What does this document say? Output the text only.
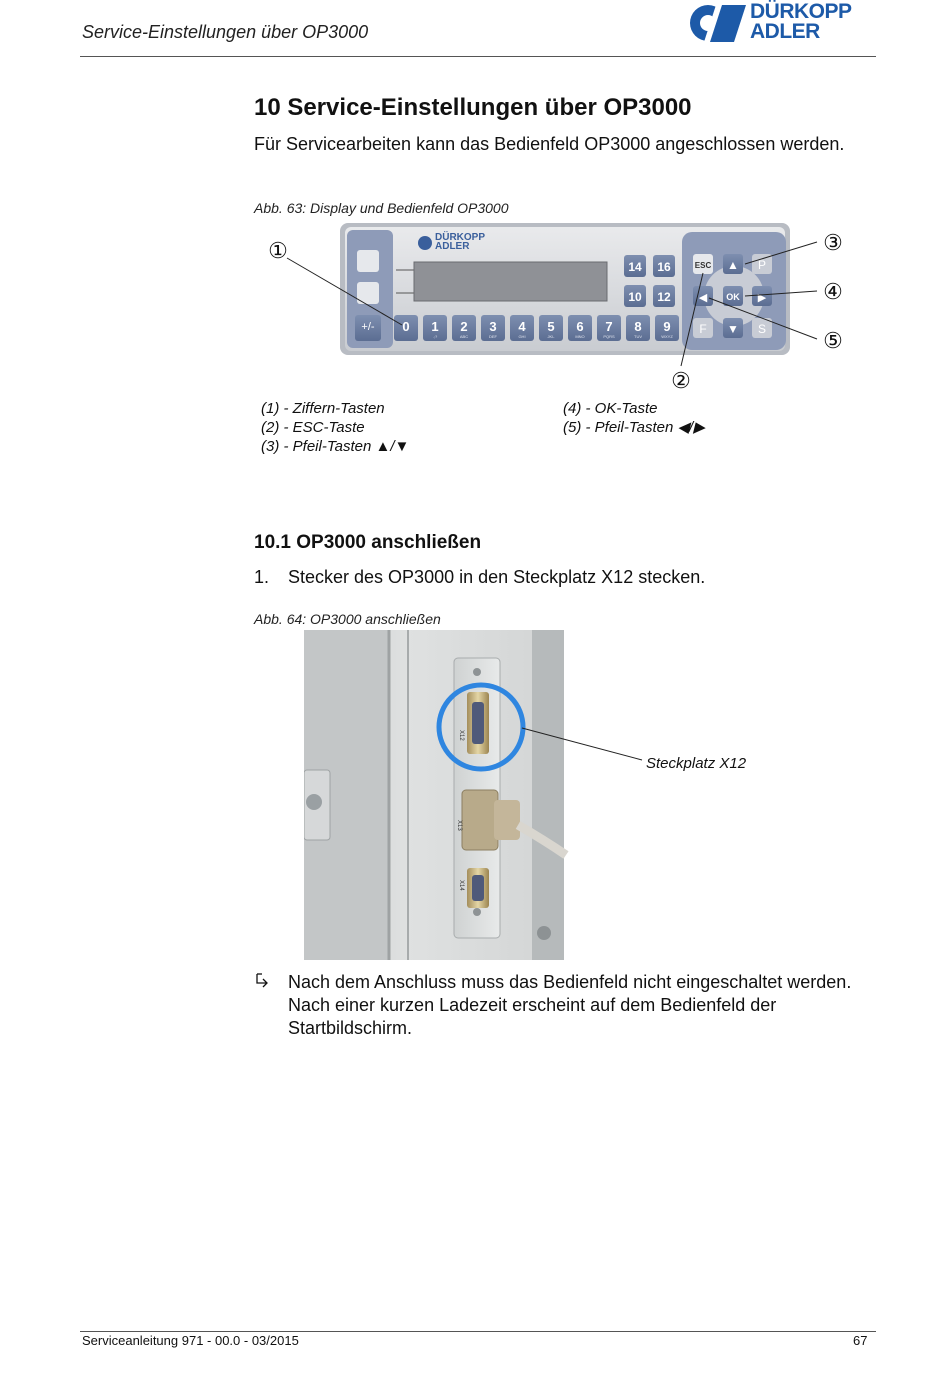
Service-Einstellungen über OP3000
DÜRKOPP
ADLER
10 Service-Einstellungen über OP3000
Für Servicearbeiten kann das Bedienfeld OP3000 angeschlossen werden.
Abb. 63: Display und Bedienfeld OP3000
+/-
DÜRKOPP
ADLER
0 1
.;?
2
ABC
3
DEF
4
GHI
5
JKL
6
MNO
7
PQRS
8
TUV
9
WXYZ
14 16
10 12
ESC ▲ P
◀ OK ▶
F ▼ S
①
②
③
④
⑤
(1) - Ziffern-Tasten
(2) - ESC-Taste
(3) - Pfeil-Tasten ▲/▼
(4) - OK-Taste
(5) - Pfeil-Tasten ◀/▶
10.1 OP3000 anschließen
1. Stecker des OP3000 in den Steckplatz X12 stecken.
Abb. 64: OP3000 anschließen
X12
X13
X14
Steckplatz X12
Nach dem Anschluss muss das Bedienfeld nicht eingeschaltet werden. Nach einer kurzen Ladezeit erscheint auf dem Bedienfeld der Startbildschirm.
Serviceanleitung 971 - 00.0 - 03/2015	67
